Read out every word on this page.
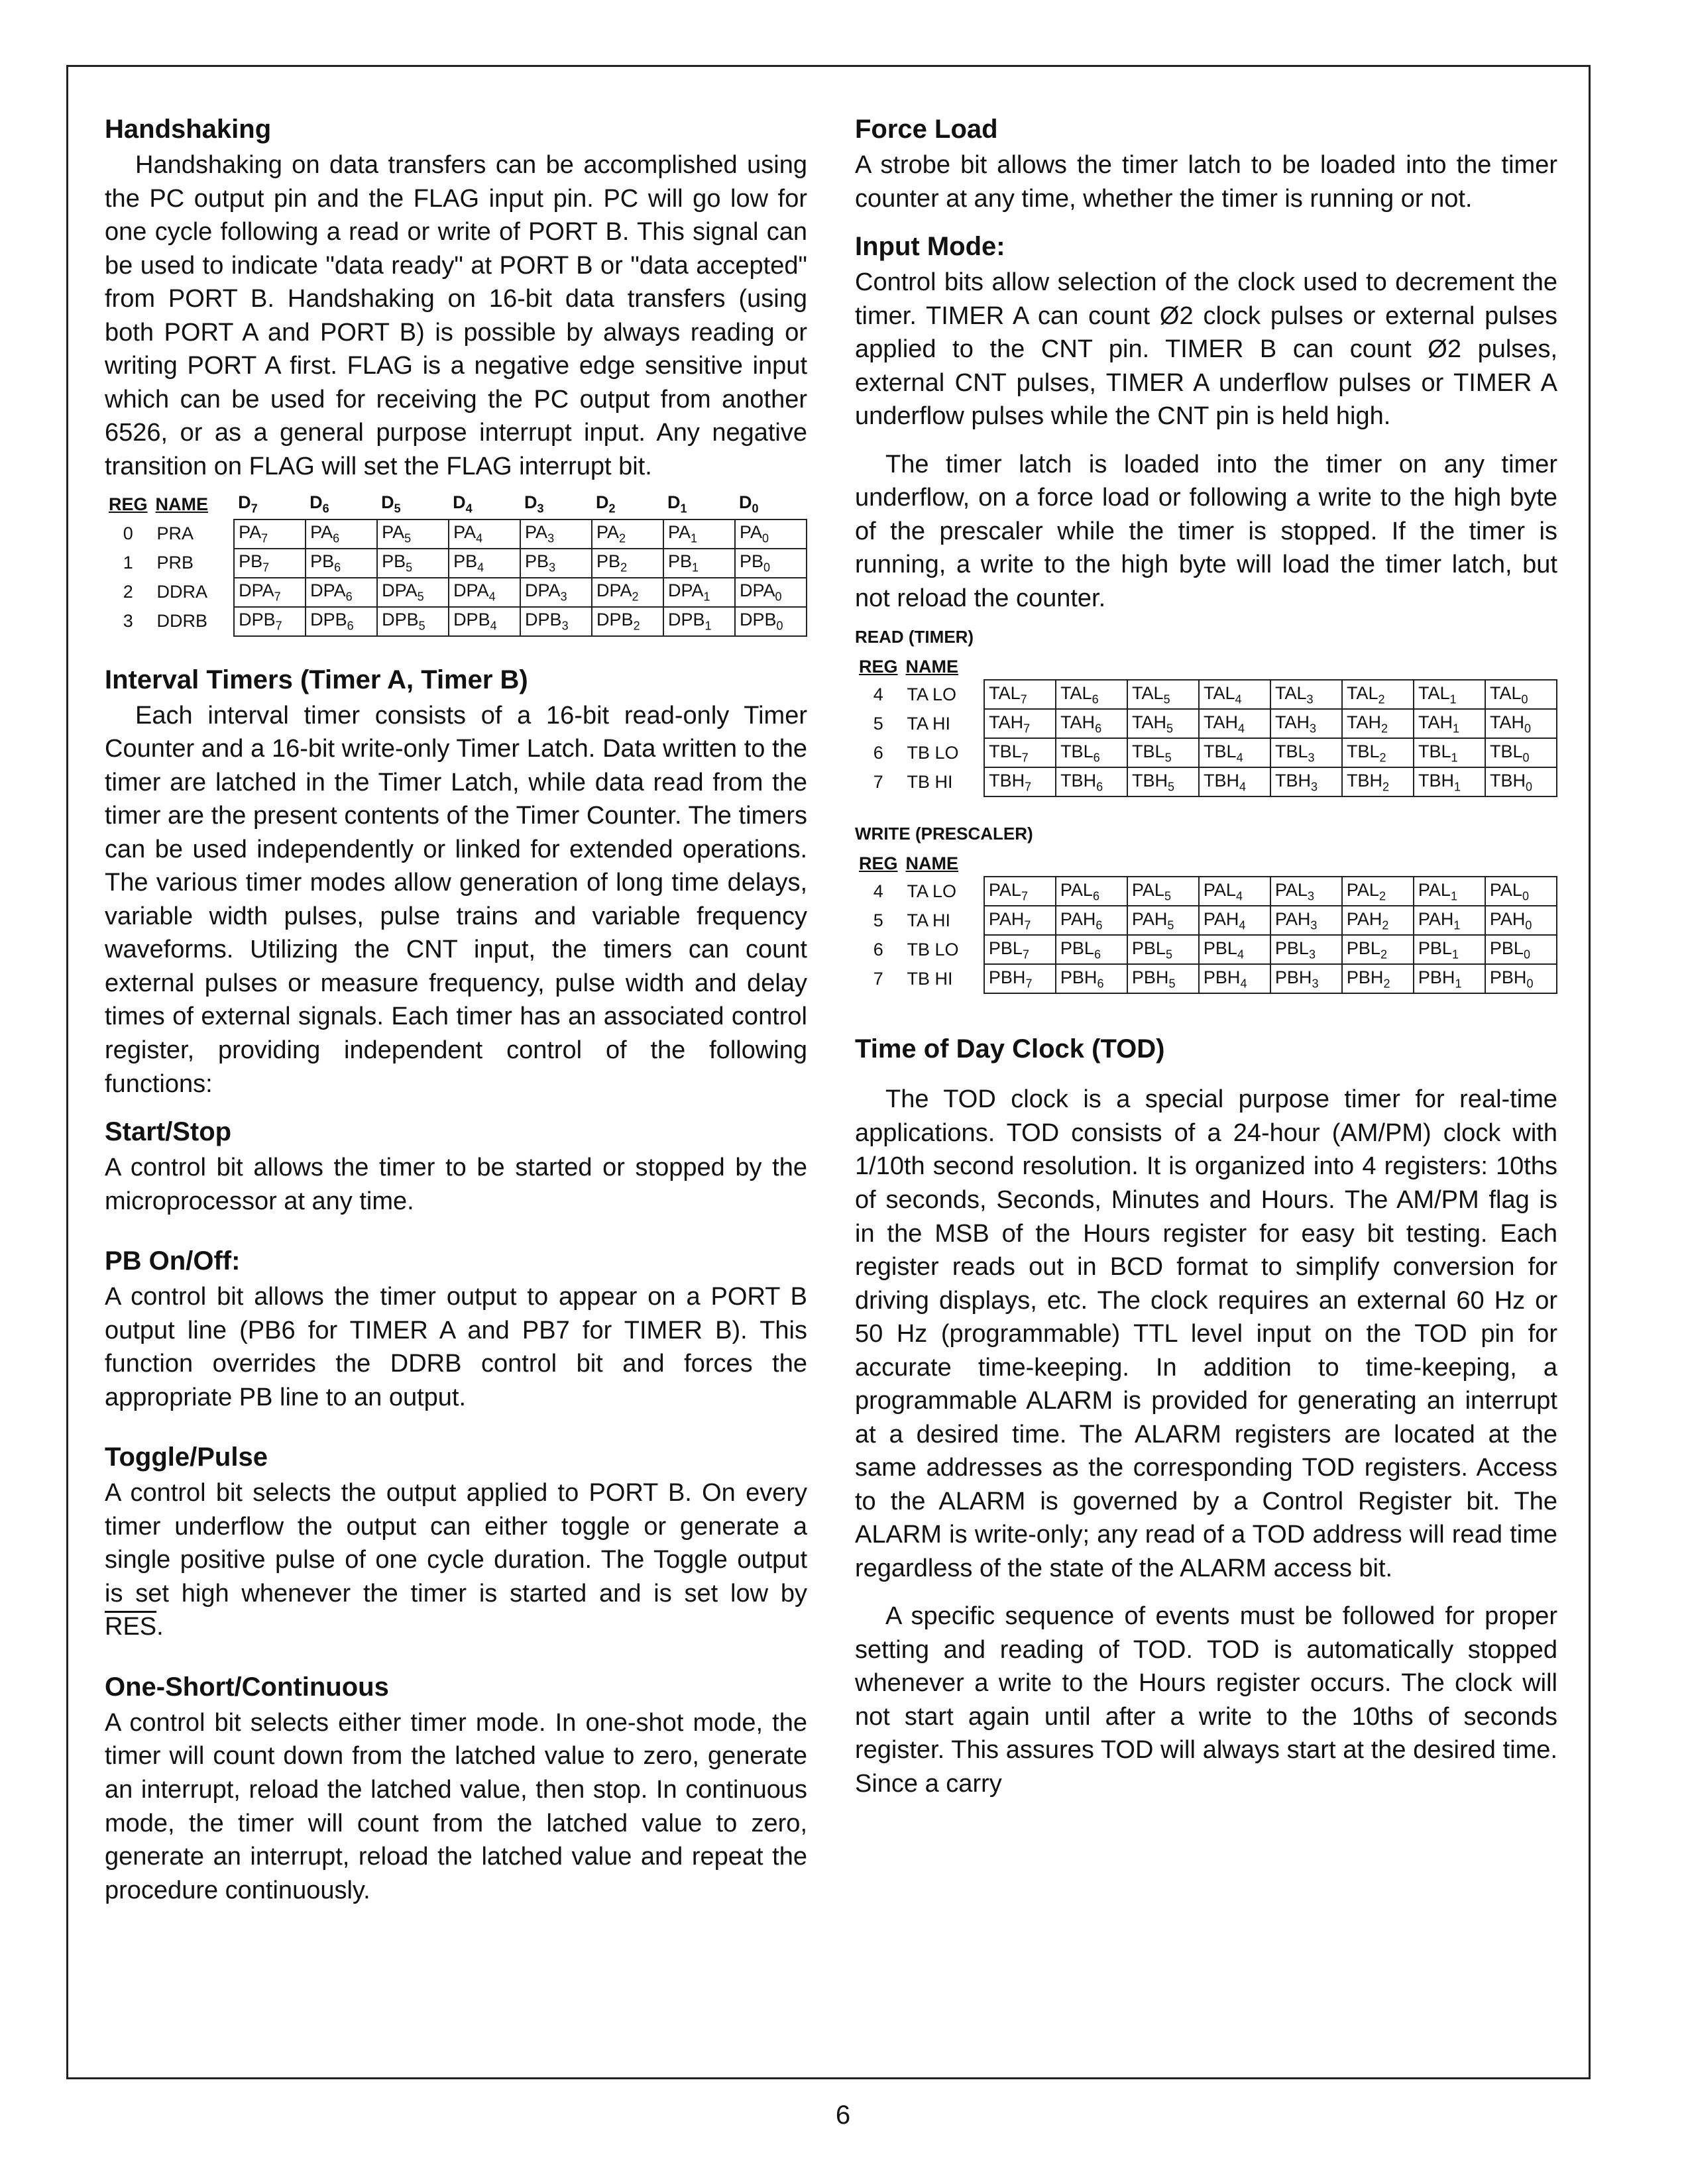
Handshaking

Handshaking on data transfers can be accomplished using the PC output pin and the FLAG input pin. PC will go low for one cycle following a read or write of PORT B. This signal can be used to indicate "data ready" at PORT B or "data accepted" from PORT B. Handshaking on 16-bit data transfers (using both PORT A and PORT B) is possible by always reading or writing PORT A first. FLAG is a negative edge sensitive input which can be used for receiving the PC output from another 6526, or as a general purpose interrupt input. Any negative transition on FLAG will set the FLAG interrupt bit.

REG	NAME	$D_7$	$D_6$	$D_5$	$D_4$	$D_3$	$D_2$	$D_1$	$D_0$
0	PRA	$PA_7$	$PA_6$	$PA_5$	$PA_4$	$PA_3$	$PA_2$	$PA_1$	$PA_0$
1	PRB	$PB_7$	$PB_6$	$PB_5$	$PB_4$	$PB_3$	$PB_2$	$PB_1$	$PB_0$
2	DDRA	$DPA_7$	$DPA_6$	$DPA_5$	$DPA_4$	$DPA_3$	$DPA_2$	$DPA_1$	$DPA_0$
3	DDRB	$DPB_7$	$DPB_6$	$DPB_5$	$DPB_4$	$DPB_3$	$DPB_2$	$DPB_1$	$DPB_0$
Interval Timers (Timer A, Timer B)

Each interval timer consists of a 16-bit read-only Timer Counter and a 16-bit write-only Timer Latch. Data written to the timer are latched in the Timer Latch, while data read from the timer are the present contents of the Timer Counter. The timers can be used independently or linked for extended operations. The various timer modes allow generation of long time delays, variable width pulses, pulse trains and variable frequency waveforms. Utilizing the CNT input, the timers can count external pulses or measure frequency, pulse width and delay times of external signals. Each timer has an associated control register, providing independent control of the following functions:

Start/Stop

A control bit allows the timer to be started or stopped by the microprocessor at any time.

PB On/Off:

A control bit allows the timer output to appear on a PORT B output line (PB6 for TIMER A and PB7 for TIMER B). This function overrides the DDRB control bit and forces the appropriate PB line to an output.

Toggle/Pulse

A control bit selects the output applied to PORT B. On every timer underflow the output can either toggle or generate a single positive pulse of one cycle duration. The Toggle output is set high whenever the timer is started and is set low by $\overline{RES}$.

One-Short/Continuous

A control bit selects either timer mode. In one-shot mode, the timer will count down from the latched value to zero, generate an interrupt, reload the latched value, then stop. In continuous mode, the timer will count from the latched value to zero, generate an interrupt, reload the latched value and repeat the procedure continuously.

Force Load

A strobe bit allows the timer latch to be loaded into the timer counter at any time, whether the timer is running or not.

Input Mode:

Control bits allow selection of the clock used to decrement the timer. TIMER A can count Ø2 clock pulses or external pulses applied to the CNT pin. TIMER B can count Ø2 pulses, external CNT pulses, TIMER A underflow pulses or TIMER A underflow pulses while the CNT pin is held high.

The timer latch is loaded into the timer on any timer underflow, on a force load or following a write to the high byte of the prescaler while the timer is stopped. If the timer is running, a write to the high byte will load the timer latch, but not reload the counter.

READ (TIMER)
REG	NAME								
4	TA LO	$TAL_7$	$TAL_6$	$TAL_5$	$TAL_4$	$TAL_3$	$TAL_2$	$TAL_1$	$TAL_0$
5	TA HI	$TAH_7$	$TAH_6$	$TAH_5$	$TAH_4$	$TAH_3$	$TAH_2$	$TAH_1$	$TAH_0$
6	TB LO	$TBL_7$	$TBL_6$	$TBL_5$	$TBL_4$	$TBL_3$	$TBL_2$	$TBL_1$	$TBL_0$
7	TB HI	$TBH_7$	$TBH_6$	$TBH_5$	$TBH_4$	$TBH_3$	$TBH_2$	$TBH_1$	$TBH_0$
WRITE (PRESCALER)
REG	NAME								
4	TA LO	$PAL_7$	$PAL_6$	$PAL_5$	$PAL_4$	$PAL_3$	$PAL_2$	$PAL_1$	$PAL_0$
5	TA HI	$PAH_7$	$PAH_6$	$PAH_5$	$PAH_4$	$PAH_3$	$PAH_2$	$PAH_1$	$PAH_0$
6	TB LO	$PBL_7$	$PBL_6$	$PBL_5$	$PBL_4$	$PBL_3$	$PBL_2$	$PBL_1$	$PBL_0$
7	TB HI	$PBH_7$	$PBH_6$	$PBH_5$	$PBH_4$	$PBH_3$	$PBH_2$	$PBH_1$	$PBH_0$
Time of Day Clock (TOD)

The TOD clock is a special purpose timer for real-time applications. TOD consists of a 24-hour (AM/PM) clock with 1/10th second resolution. It is organized into 4 registers: 10ths of seconds, Seconds, Minutes and Hours. The AM/PM flag is in the MSB of the Hours register for easy bit testing. Each register reads out in BCD format to simplify conversion for driving displays, etc. The clock requires an external 60 Hz or 50 Hz (programmable) TTL level input on the TOD pin for accurate time-keeping. In addition to time-keeping, a programmable ALARM is provided for generating an interrupt at a desired time. The ALARM registers are located at the same addresses as the corresponding TOD registers. Access to the ALARM is governed by a Control Register bit. The ALARM is write-only; any read of a TOD address will read time regardless of the state of the ALARM access bit.

A specific sequence of events must be followed for proper setting and reading of TOD. TOD is automatically stopped whenever a write to the Hours register occurs. The clock will not start again until after a write to the 10ths of seconds register. This assures TOD will always start at the desired time. Since a carry

6
